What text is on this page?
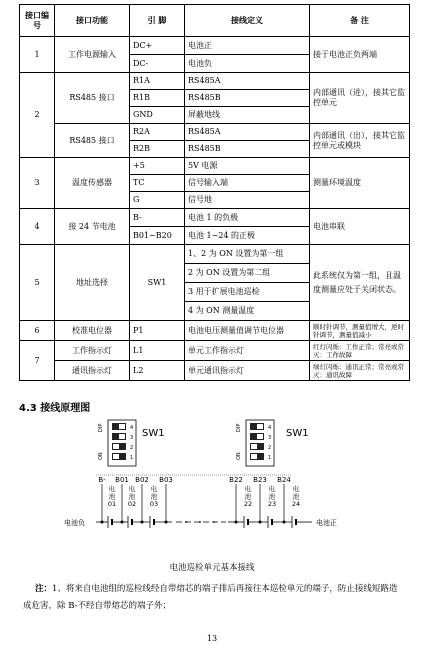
接口编号	接口功能	引 脚	接线定义	备 注
1	工作电源输入	DC+	电池正	接于电池正负两端
		DC-	电池负	
2	RS485 接口	R1A	RS485A	内部通讯（进），接其它监控单元
		R1B	RS485B	
		GND	屏蔽地线	
	RS485 接口	R2A	RS485A	内部通讯（出），接其它监控单元或模块
		R2B	RS485B	
3	温度传感器	+5	5V 电源	测量环境温度
		TC	信号输入端	
		G	信号地	
4	接 24 节电池	B-	电池 1 的负极	电池串联
		B01~B20	电池 1~24 的正极	
5	地址选择	SW1	1、2 为 ON 设置为第一组	此系统仅为第一组，且温度测量应处于关闭状态。
			2 为 ON 设置为第二组	
			3 用于扩展电池巡检	
			4 为 ON 测量温度	
6	校准电位器	P1	电池电压测量值调节电位器	顺时针调节，测量值增大，逆时针调节，测量值减小
7	工作指示灯	L1	单元工作指示灯	红灯闪烁：工作正常；常亮或常灭：工作故障
	通讯指示灯	L2	单元通讯指示灯	绿灯闪烁：通讯正常；常亮或常灭：通讯故障
4.3 接线原理图
DIP
ON
4
3
2
1
SW1
DIP
ON
4
3
2
1
SW1
B- B01 B02 B03	B22 B23 B24
电池 01
电池 02
电池 03
电池 22
电池 23
电池 24
电池负	电池正
电池巡检单元基本接线
注：1、将来自电池组的巡检线经自带熔芯的端子排后再接往本巡检单元的端子，防止接线短路造成危害，除 B-不经自带熔芯的端子外；
13
